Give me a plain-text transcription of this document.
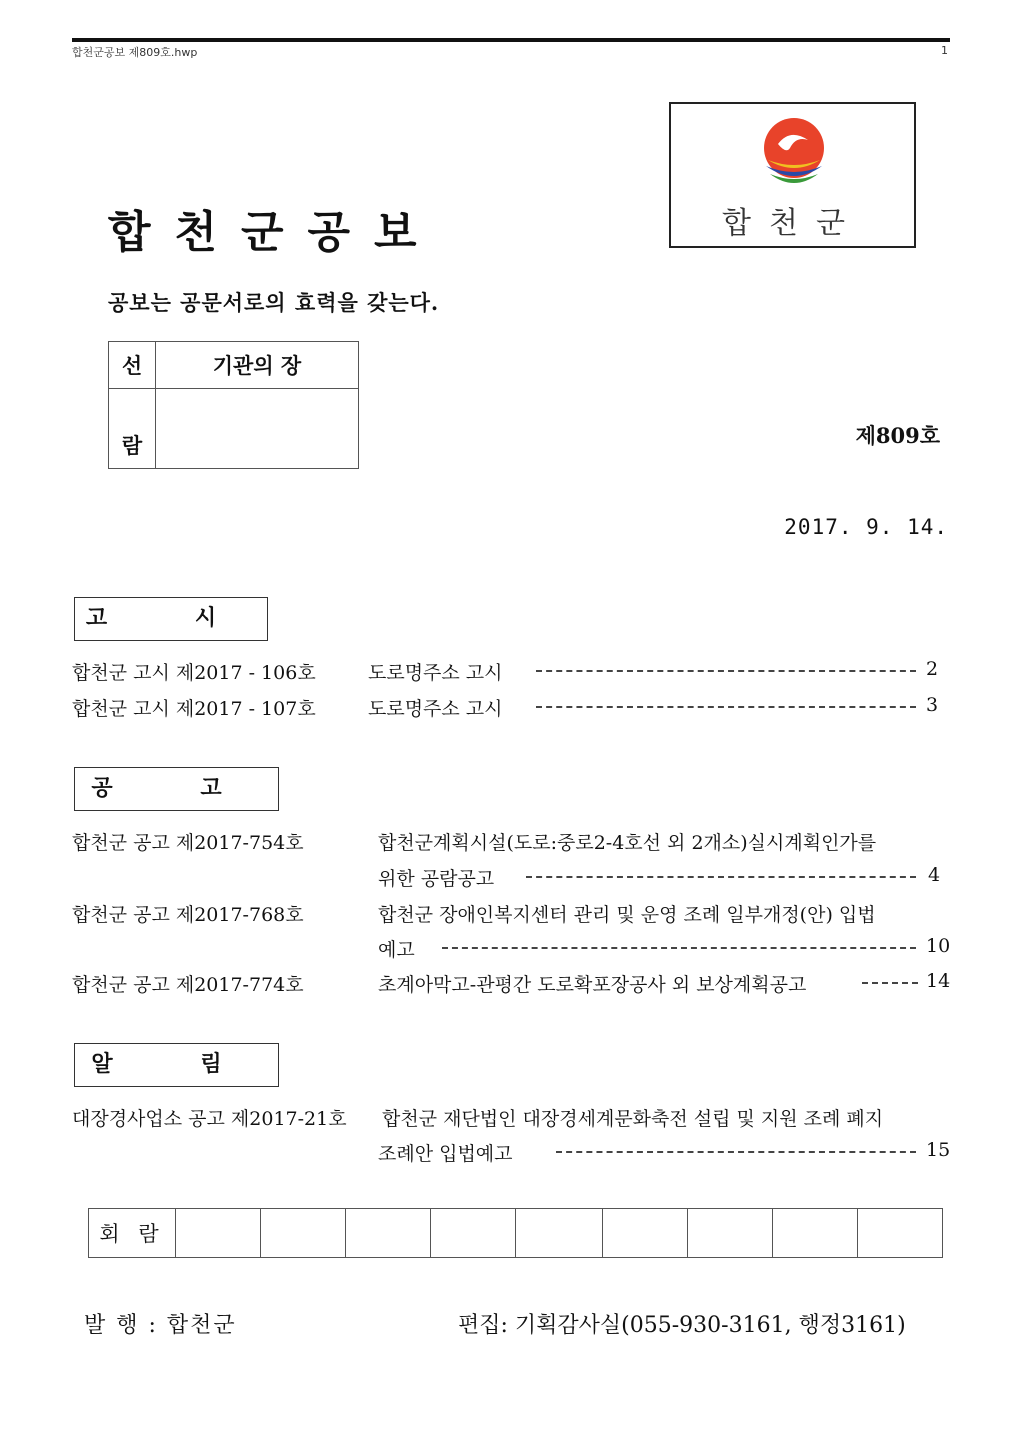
합천군공보 제809호.hwp	1
합천군공보
공보는 공문서로의 효력을 갖는다.
합천군
선	기관의 장
람		제809호
2017. 9. 14.
고 시
합천군 고시 제2017 - 106호	도로명주소 고시	2
합천군 고시 제2017 - 107호	도로명주소 고시	3
공 고
합천군 공고 제2017-754호	합천군계획시설(도로:중로2-4호선 외 2개소)실시계획인가를
위한 공람공고	4
합천군 공고 제2017-768호	합천군 장애인복지센터 관리 및 운영 조례 일부개정(안) 입법
예고	10
합천군 공고 제2017-774호	초계아막고-관평간 도로확포장공사 외 보상계획공고	14
알 림
대장경사업소 공고 제2017-21호 합천군 재단법인 대장경세계문화축전 설립 및 지원 조례 폐지
조례안 입법예고	15
회 람									
발 행 : 합천군	편집: 기획감사실(055-930-3161, 행정3161)
